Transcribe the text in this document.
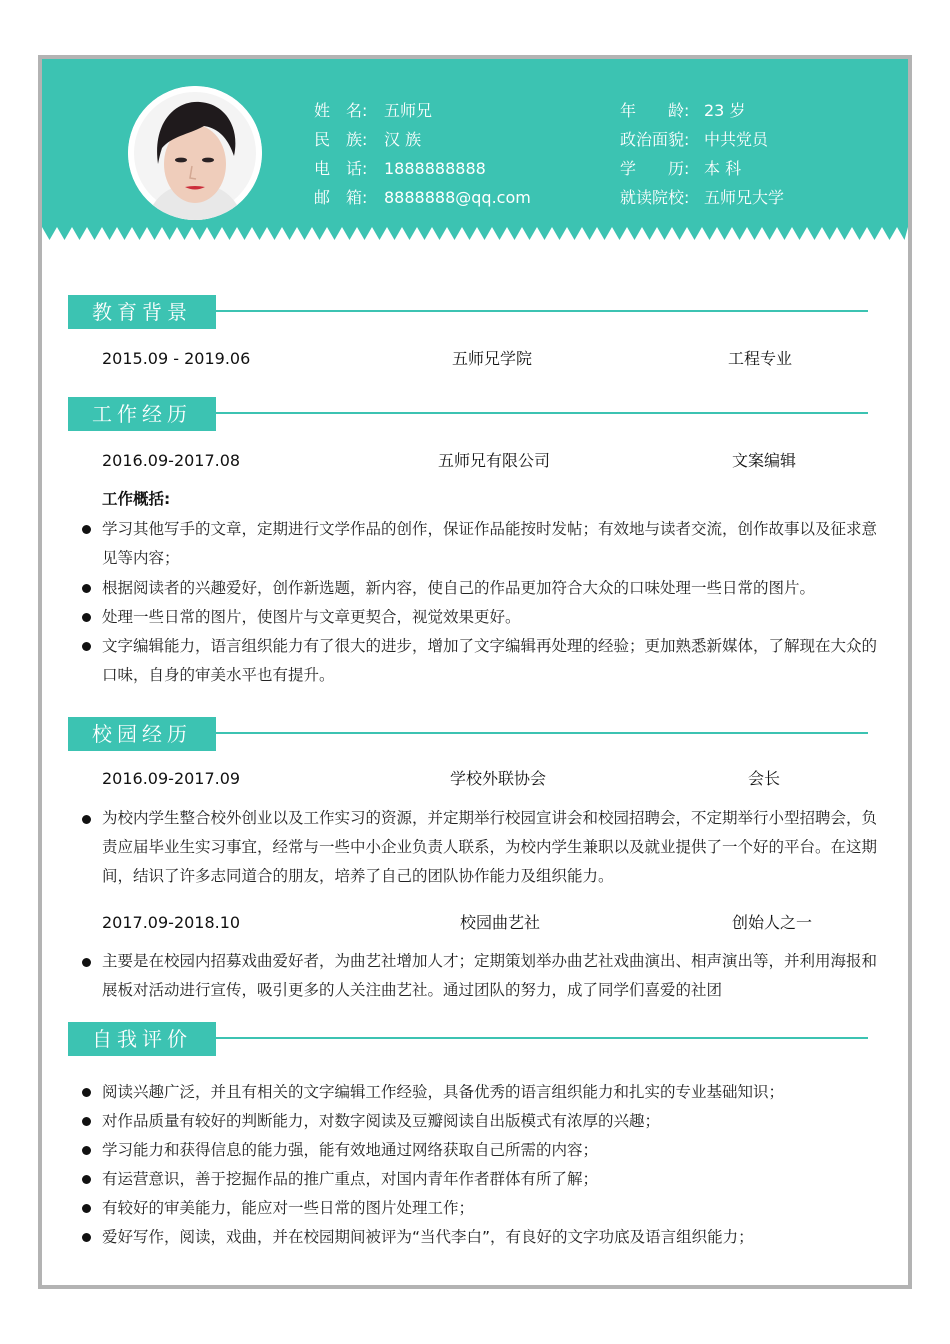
姓　名: 五师兄
民　族: 汉 族
电　话: 1888888888
邮　箱: 8888888@qq.com
年　　龄: 23 岁
政治面貌: 中共党员
学　　历: 本 科
就读院校: 五师兄大学
教育背景
2015.09 - 2019.06	五师兄学院	工程专业
工作经历
2016.09-2017.08	五师兄有限公司	文案编辑
工作概括:
学习其他写手的文章，定期进行文学作品的创作，保证作品能按时发帖；有效地与读者交流，创作故事以及征求意见等内容；
根据阅读者的兴趣爱好，创作新选题，新内容，使自己的作品更加符合大众的口味处理一些日常的图片。
处理一些日常的图片，使图片与文章更契合，视觉效果更好。
文字编辑能力，语言组织能力有了很大的进步，增加了文字编辑再处理的经验；更加熟悉新媒体，了解现在大众的口味，自身的审美水平也有提升。
校园经历
2016.09-2017.09	学校外联协会	会长
为校内学生整合校外创业以及工作实习的资源，并定期举行校园宣讲会和校园招聘会，不定期举行小型招聘会，负责应届毕业生实习事宜，经常与一些中小企业负责人联系，为校内学生兼职以及就业提供了一个好的平台。在这期间，结识了许多志同道合的朋友，培养了自己的团队协作能力及组织能力。
2017.09-2018.10	校园曲艺社	创始人之一
主要是在校园内招募戏曲爱好者，为曲艺社增加人才；定期策划举办曲艺社戏曲演出、相声演出等，并利用海报和展板对活动进行宣传，吸引更多的人关注曲艺社。通过团队的努力，成了同学们喜爱的社团
自我评价
阅读兴趣广泛，并且有相关的文字编辑工作经验，具备优秀的语言组织能力和扎实的专业基础知识；
对作品质量有较好的判断能力，对数字阅读及豆瓣阅读自出版模式有浓厚的兴趣；
学习能力和获得信息的能力强，能有效地通过网络获取自己所需的内容；
有运营意识，善于挖掘作品的推广重点，对国内青年作者群体有所了解；
有较好的审美能力，能应对一些日常的图片处理工作；
爱好写作，阅读，戏曲，并在校园期间被评为“当代李白”，有良好的文字功底及语言组织能力；
